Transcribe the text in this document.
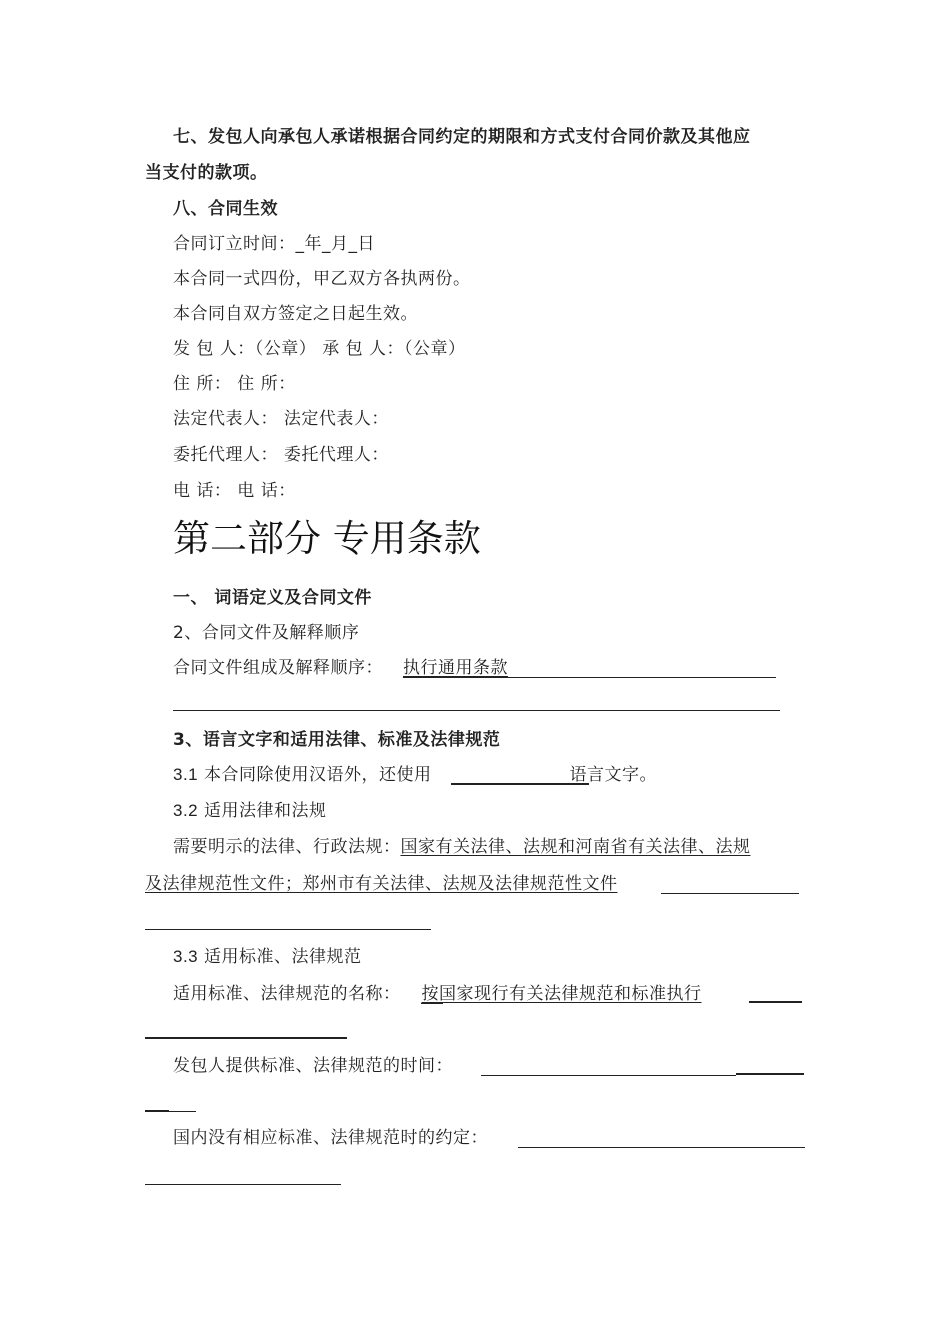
七、发包人向承包人承诺根据合同约定的期限和方式支付合同价款及其他应
当支付的款项。
八、合同生效
合同订立时间：_年_月_日
本合同一式四份，甲乙双方各执两份。
本合同自双方签定之日起生效。
发 包 人：（公章） 承 包 人：（公章）
住 所： 住 所：
法定代表人： 法定代表人：
委托代理人： 委托代理人：
电 话： 电 话：
第二部分 专用条款
一、 词语定义及合同文件
2、合同文件及解释顺序
合同文件组成及解释顺序： 执行通用条款
3、语言文字和适用法律、标准及法律规范
3.1 本合同除使用汉语外，还使用	语言文字。
3.2 适用法律和法规
需要明示的法律、行政法规：国家有关法律、法规和河南省有关法律、法规
及法律规范性文件；郑州市有关法律、法规及法律规范性文件
3.3 适用标准、法律规范
适用标准、法律规范的名称： 按国家现行有关法律规范和标准执行
发包人提供标准、法律规范的时间：
国内没有相应标准、法律规范时的约定：
